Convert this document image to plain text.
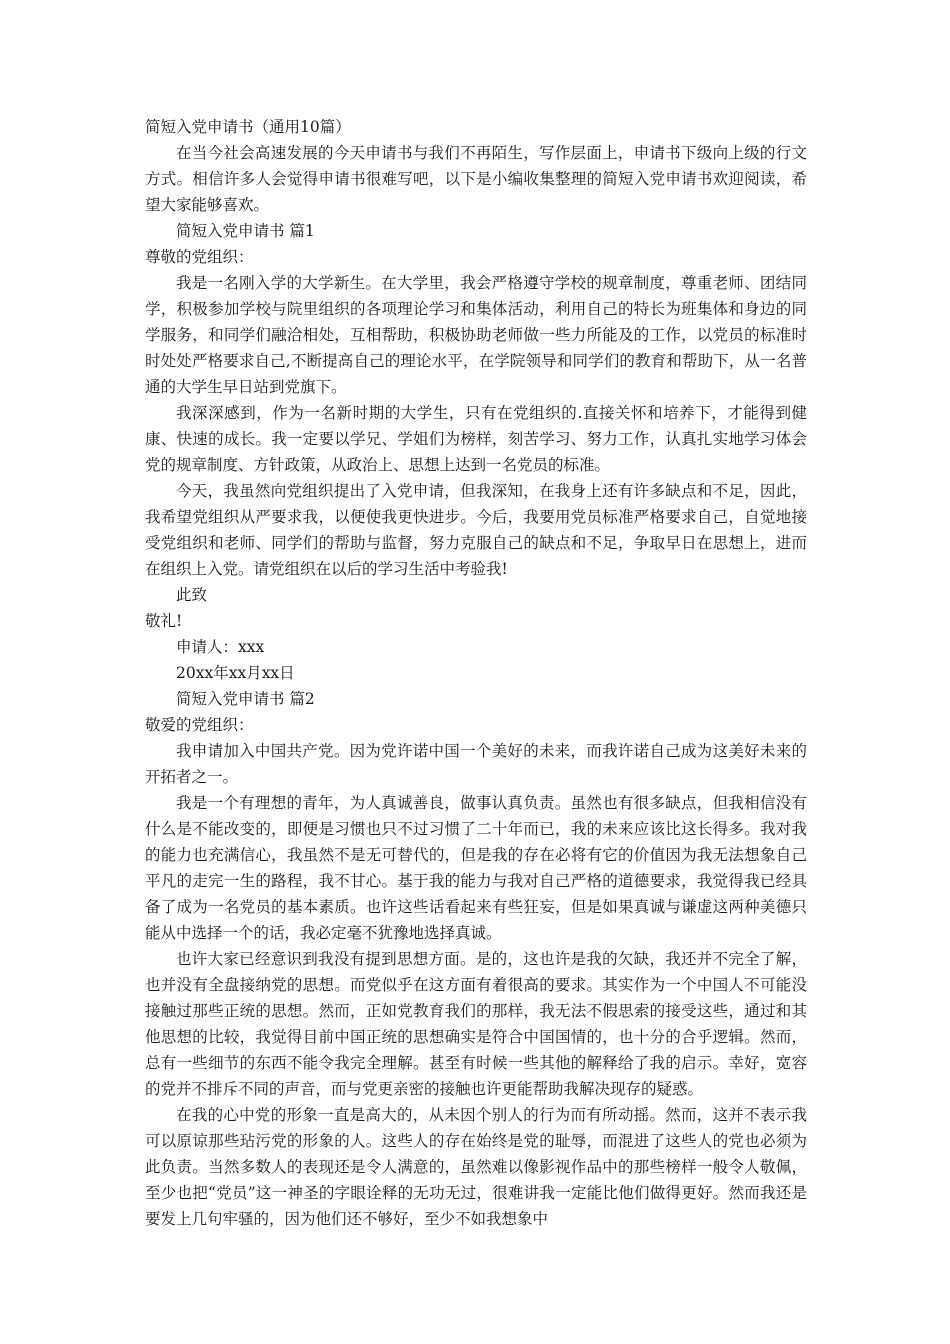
简短入党申请书（通用10篇）

在当今社会高速发展的今天申请书与我们不再陌生，写作层面上，申请书下级向上级的行文方式。相信许多人会觉得申请书很难写吧，以下是小编收集整理的简短入党申请书欢迎阅读，希望大家能够喜欢。

简短入党申请书 篇1

尊敬的党组织：

我是一名刚入学的大学新生。在大学里，我会严格遵守学校的规章制度，尊重老师、团结同学，积极参加学校与院里组织的各项理论学习和集体活动，利用自己的特长为班集体和身边的同学服务，和同学们融洽相处，互相帮助，积极协助老师做一些力所能及的工作，以党员的标准时时处处严格要求自己,不断提高自己的理论水平，在学院领导和同学们的教育和帮助下，从一名普通的大学生早日站到党旗下。

我深深感到，作为一名新时期的大学生，只有在党组织的.直接关怀和培养下，才能得到健康、快速的成长。我一定要以学兄、学姐们为榜样，刻苦学习、努力工作，认真扎实地学习体会党的规章制度、方针政策，从政治上、思想上达到一名党员的标准。

今天，我虽然向党组织提出了入党申请，但我深知，在我身上还有许多缺点和不足，因此，我希望党组织从严要求我，以便使我更快进步。今后，我要用党员标准严格要求自己，自觉地接受党组织和老师、同学们的帮助与监督，努力克服自己的缺点和不足，争取早日在思想上，进而在组织上入党。请党组织在以后的学习生活中考验我!

此致

敬礼!

申请人：xxx

20xx年xx月xx日

简短入党申请书 篇2

敬爱的党组织：

我申请加入中国共产党。因为党许诺中国一个美好的未来，而我许诺自己成为这美好未来的开拓者之一。

我是一个有理想的青年，为人真诚善良，做事认真负责。虽然也有很多缺点，但我相信没有什么是不能改变的，即便是习惯也只不过习惯了二十年而已，我的未来应该比这长得多。我对我的能力也充满信心，我虽然不是无可替代的，但是我的存在必将有它的价值因为我无法想象自己平凡的走完一生的路程，我不甘心。基于我的能力与我对自己严格的道德要求，我觉得我已经具备了成为一名党员的基本素质。也许这些话看起来有些狂妄，但是如果真诚与谦虚这两种美德只能从中选择一个的话，我必定毫不犹豫地选择真诚。

也许大家已经意识到我没有提到思想方面。是的，这也许是我的欠缺，我还并不完全了解，也并没有全盘接纳党的思想。而党似乎在这方面有着很高的要求。其实作为一个中国人不可能没接触过那些正统的思想。然而，正如党教育我们的那样，我无法不假思索的接受这些，通过和其他思想的比较，我觉得目前中国正统的思想确实是符合中国国情的，也十分的合乎逻辑。然而，总有一些细节的东西不能令我完全理解。甚至有时候一些其他的解释给了我的启示。幸好，宽容的党并不排斥不同的声音，而与党更亲密的接触也许更能帮助我解决现存的疑惑。

在我的心中党的形象一直是高大的，从未因个别人的行为而有所动摇。然而，这并不表示我可以原谅那些玷污党的形象的人。这些人的存在始终是党的耻辱，而混进了这些人的党也必须为此负责。当然多数人的表现还是令人满意的，虽然难以像影视作品中的那些榜样一般令人敬佩，至少也把“党员”这一神圣的字眼诠释的无功无过，很难讲我一定能比他们做得更好。然而我还是要发上几句牢骚的，因为他们还不够好，至少不如我想象中
